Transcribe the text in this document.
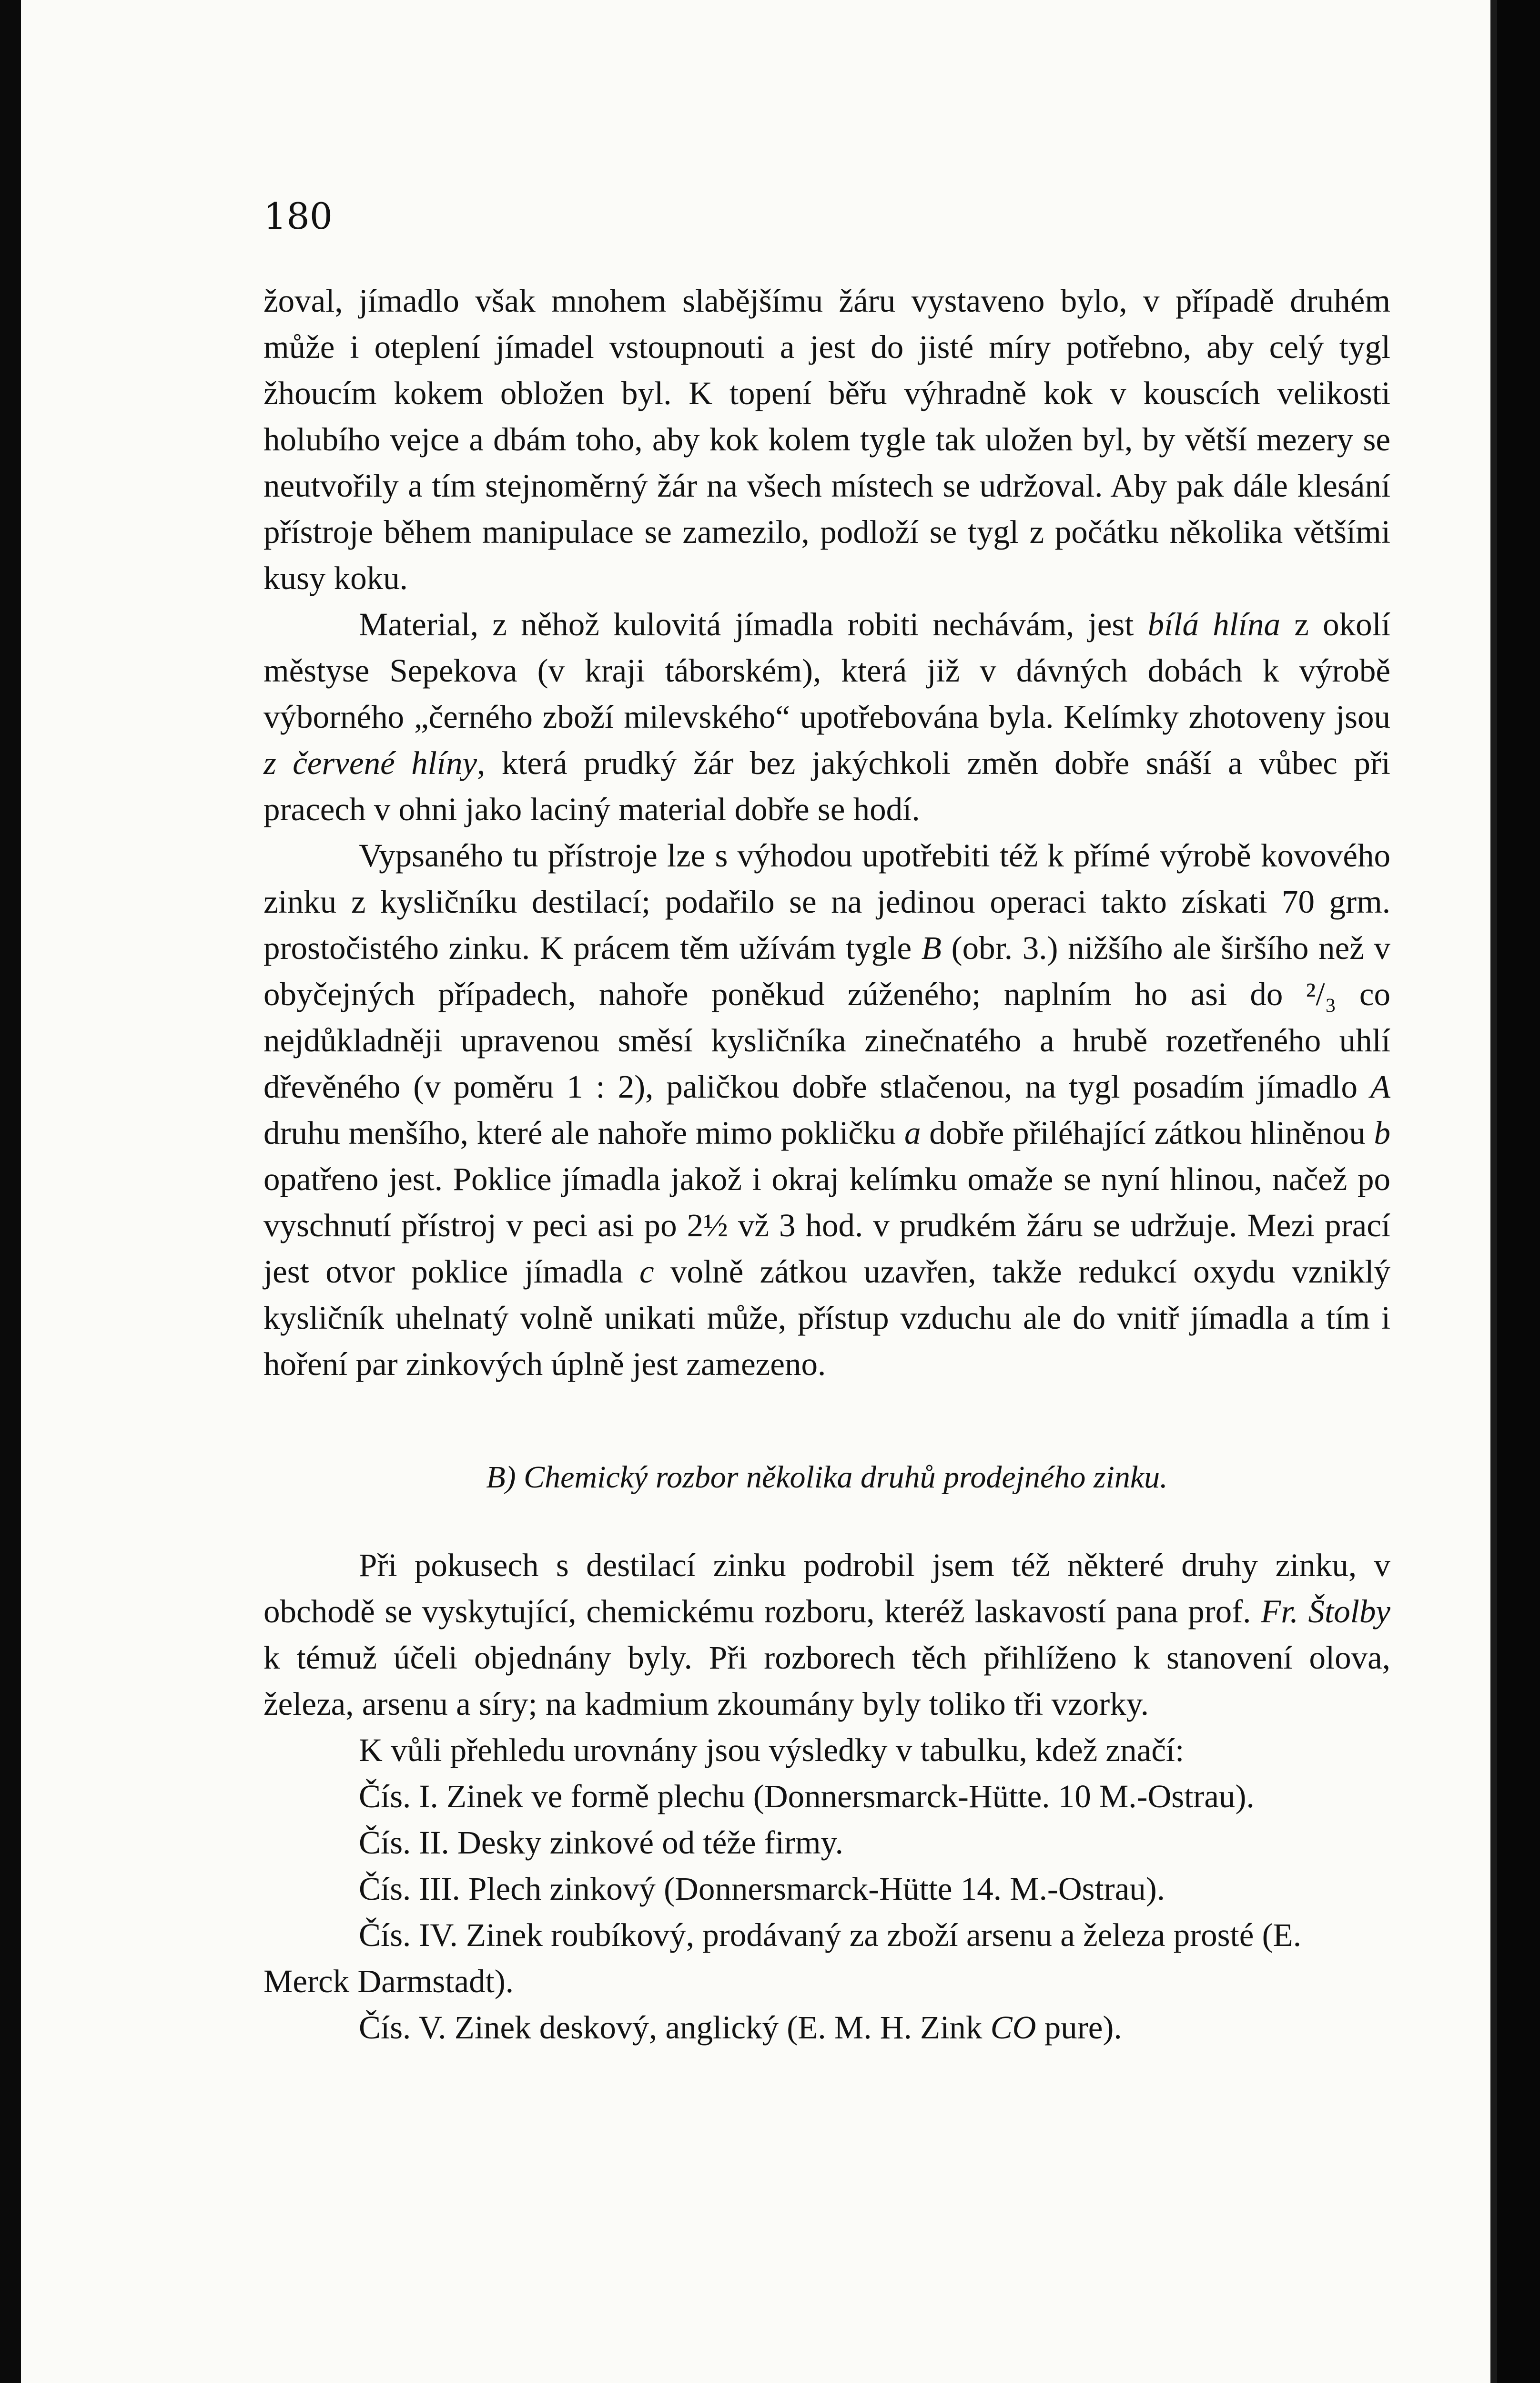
180

žoval, jímadlo však mnohem slabějšímu žáru vystaveno bylo, v případě druhém může i oteplení jímadel vstoupnouti a jest do jisté míry potřebno, aby celý tygl žhoucím kokem obložen byl. K topení běřu výhradně kok v kouscích velikosti holubího vejce a dbám toho, aby kok kolem tygle tak uložen byl, by větší mezery se neutvořily a tím stejnoměrný žár na všech místech se udržoval. Aby pak dále klesání přístroje během manipulace se zamezilo, podloží se tygl z počátku několika většími kusy koku.

Material, z něhož kulovitá jímadla robiti nechávám, jest bílá hlína z okolí městyse Sepekova (v kraji táborském), která již v dávných dobách k výrobě výborného „černého zboží milevského“ upotřebována byla. Kelímky zhotoveny jsou z červené hlíny, která prudký žár bez jakýchkoli změn dobře snáší a vůbec při pracech v ohni jako laciný material dobře se hodí.

Vypsaného tu přístroje lze s výhodou upotřebiti též k přímé výrobě kovového zinku z kysličníku destilací; podařilo se na jedinou operaci takto získati 70 grm. prostočistého zinku. K prácem těm užívám tygle B (obr. 3.) nižšího ale širšího než v obyčejných případech, nahoře poněkud zúženého; naplním ho asi do ²/₃ co nejdůkladněji upravenou směsí kysličníka zinečnatého a hrubě rozetřeného uhlí dřevěného (v poměru 1 : 2), paličkou dobře stlačenou, na tygl posadím jímadlo A druhu menšího, které ale nahoře mimo pokličku a dobře přiléhající zátkou hliněnou b opatřeno jest. Poklice jímadla jakož i okraj kelímku omaže se nyní hlinou, načež po vyschnutí přístroj v peci asi po 2½ vž 3 hod. v prudkém žáru se udržuje. Mezi prací jest otvor poklice jímadla c volně zátkou uzavřen, takže redukcí oxydu vzniklý kysličník uhelnatý volně unikati může, přístup vzduchu ale do vnitř jímadla a tím i hoření par zinkových úplně jest zamezeno.

B) Chemický rozbor několika druhů prodejného zinku.

Při pokusech s destilací zinku podrobil jsem též některé druhy zinku, v obchodě se vyskytující, chemickému rozboru, kteréž laskavostí pana prof. Fr. Štolby k témuž účeli objednány byly. Při rozborech těch přihlíženo k stanovení olova, železa, arsenu a síry; na kadmium zkoumány byly toliko tři vzorky.

K vůli přehledu urovnány jsou výsledky v tabulku, kdež značí:

Čís. I. Zinek ve formě plechu (Donnersmarck-Hütte. 10 M.-Ostrau).

Čís. II. Desky zinkové od téže firmy.

Čís. III. Plech zinkový (Donnersmarck-Hütte 14. M.-Ostrau).

Čís. IV. Zinek roubíkový, prodávaný za zboží arsenu a železa prosté (E. Merck Darmstadt).

Čís. V. Zinek deskový, anglický (E. M. H. Zink CO pure).
